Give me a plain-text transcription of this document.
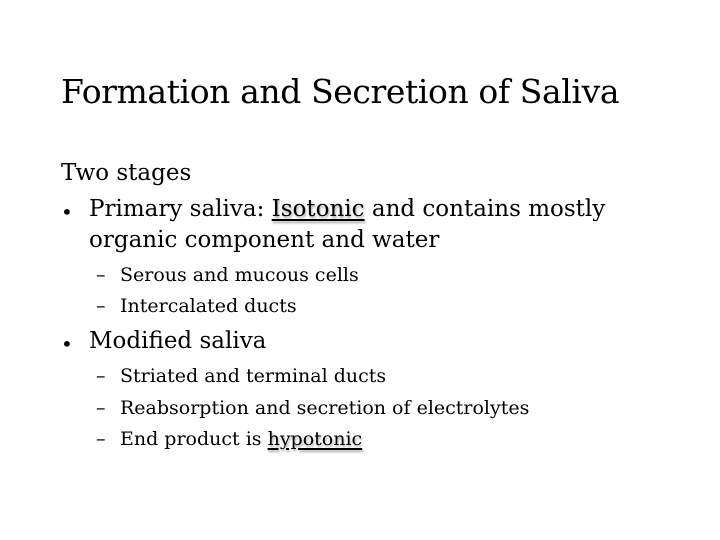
Formation and Secretion of Saliva
Two stages
• Primary saliva: Isotonic and contains mostly
organic component and water
– Serous and mucous cells
– Intercalated ducts
• Modified saliva
– Striated and terminal ducts
– Reabsorption and secretion of electrolytes
– End product is hypotonic
